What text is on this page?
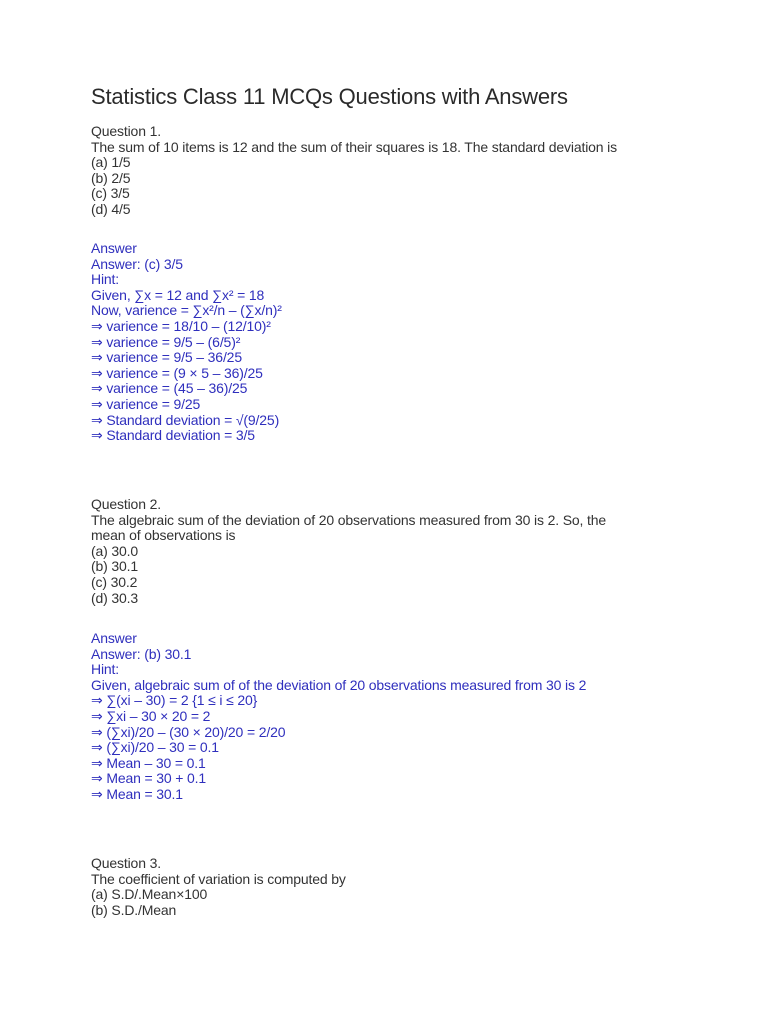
Statistics Class 11 MCQs Questions with Answers
Question 1.
The sum of 10 items is 12 and the sum of their squares is 18. The standard deviation is
(a) 1/5
(b) 2/5
(c) 3/5
(d) 4/5
Answer
Answer: (c) 3/5
Hint:
Given, ∑x = 12 and ∑x² = 18
Now, varience = ∑x²/n – (∑x/n)²
⇒ varience = 18/10 – (12/10)²
⇒ varience = 9/5 – (6/5)²
⇒ varience = 9/5 – 36/25
⇒ varience = (9 × 5 – 36)/25
⇒ varience = (45 – 36)/25
⇒ varience = 9/25
⇒ Standard deviation = √(9/25)
⇒ Standard deviation = 3/5
Question 2.
The algebraic sum of the deviation of 20 observations measured from 30 is 2. So, the
mean of observations is
(a) 30.0
(b) 30.1
(c) 30.2
(d) 30.3
Answer
Answer: (b) 30.1
Hint:
Given, algebraic sum of of the deviation of 20 observations measured from 30 is 2
⇒ ∑(xi – 30) = 2 {1 ≤ i ≤ 20}
⇒ ∑xi – 30 × 20 = 2
⇒ (∑xi)/20 – (30 × 20)/20 = 2/20
⇒ (∑xi)/20 – 30 = 0.1
⇒ Mean – 30 = 0.1
⇒ Mean = 30 + 0.1
⇒ Mean = 30.1
Question 3.
The coefficient of variation is computed by
(a) S.D/.Mean×100
(b) S.D./Mean
